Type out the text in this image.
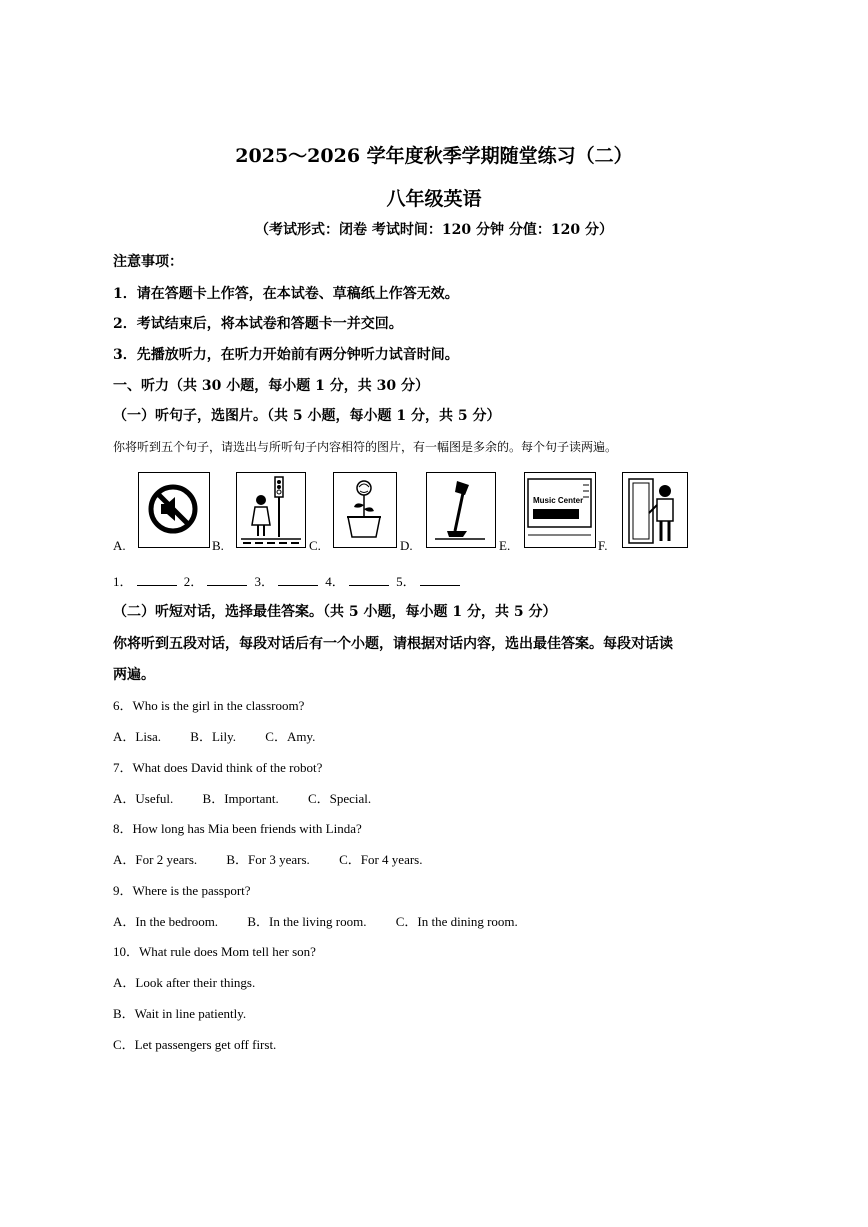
2025～2026 学年度秋季学期随堂练习（二）
八年级英语
（考试形式：闭卷 考试时间：120 分钟 分值：120 分）
注意事项：
1．请在答题卡上作答，在本试卷、草稿纸上作答无效。
2．考试结束后，将本试卷和答题卡一并交回。
3．先播放听力，在听力开始前有两分钟听力试音时间。
一、听力（共 30 小题，每小题 1 分，共 30 分）
（一）听句子，选图片。（共 5 小题，每小题 1 分，共 5 分）
你将听到五个句子，请选出与所听句子内容相符的图片，有一幅图是多余的。每个句子读两遍。
Music Center
A.	B.	C.	D.	E.	F.
1．	2．	3．	4．	5．
（二）听短对话，选择最佳答案。（共 5 小题，每小题 1 分，共 5 分）
你将听到五段对话，每段对话后有一个小题，请根据对话内容，选出最佳答案。每段对话读
两遍。
6．Who is the girl in the classroom?
A．Lisa. B．Lily. C．Amy.
7．What does David think of the robot?
A．Useful. B．Important. C．Special.
8．How long has Mia been friends with Linda?
A．For 2 years. B．For 3 years. C．For 4 years.
9．Where is the passport?
A．In the bedroom. B．In the living room. C．In the dining room.
10．What rule does Mom tell her son?
A．Look after their things.
B．Wait in line patiently.
C．Let passengers get off first.
